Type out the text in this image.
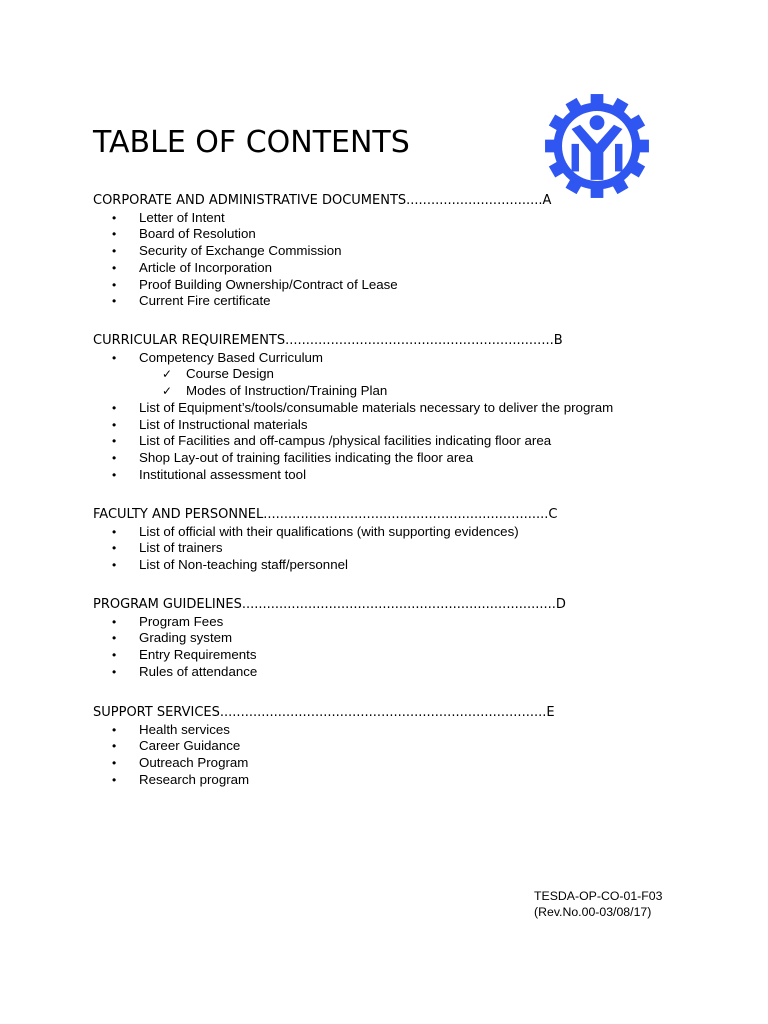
TABLE OF CONTENTS
CORPORATE AND ADMINISTRATIVE DOCUMENTS.................................A
• Letter of Intent
• Board of Resolution
• Security of Exchange Commission
• Article of Incorporation
• Proof Building Ownership/Contract of Lease
• Current Fire certificate
CURRICULAR REQUIREMENTS.................................................................B
• Competency Based Curriculum
✓ Course Design
✓ Modes of Instruction/Training Plan
• List of Equipment’s/tools/consumable materials necessary to deliver the program
• List of Instructional materials
• List of Facilities and off-campus /physical facilities indicating floor area
• Shop Lay-out of training facilities indicating the floor area
• Institutional assessment tool
FACULTY AND PERSONNEL.....................................................................C
• List of official with their qualifications (with supporting evidences)
• List of trainers
• List of Non-teaching staff/personnel
PROGRAM GUIDELINES............................................................................D
• Program Fees
• Grading system
• Entry Requirements
• Rules of attendance
SUPPORT SERVICES...............................................................................E
• Health services
• Career Guidance
• Outreach Program
• Research program
TESDA-OP-CO-01-F03
(Rev.No.00-03/08/17)
